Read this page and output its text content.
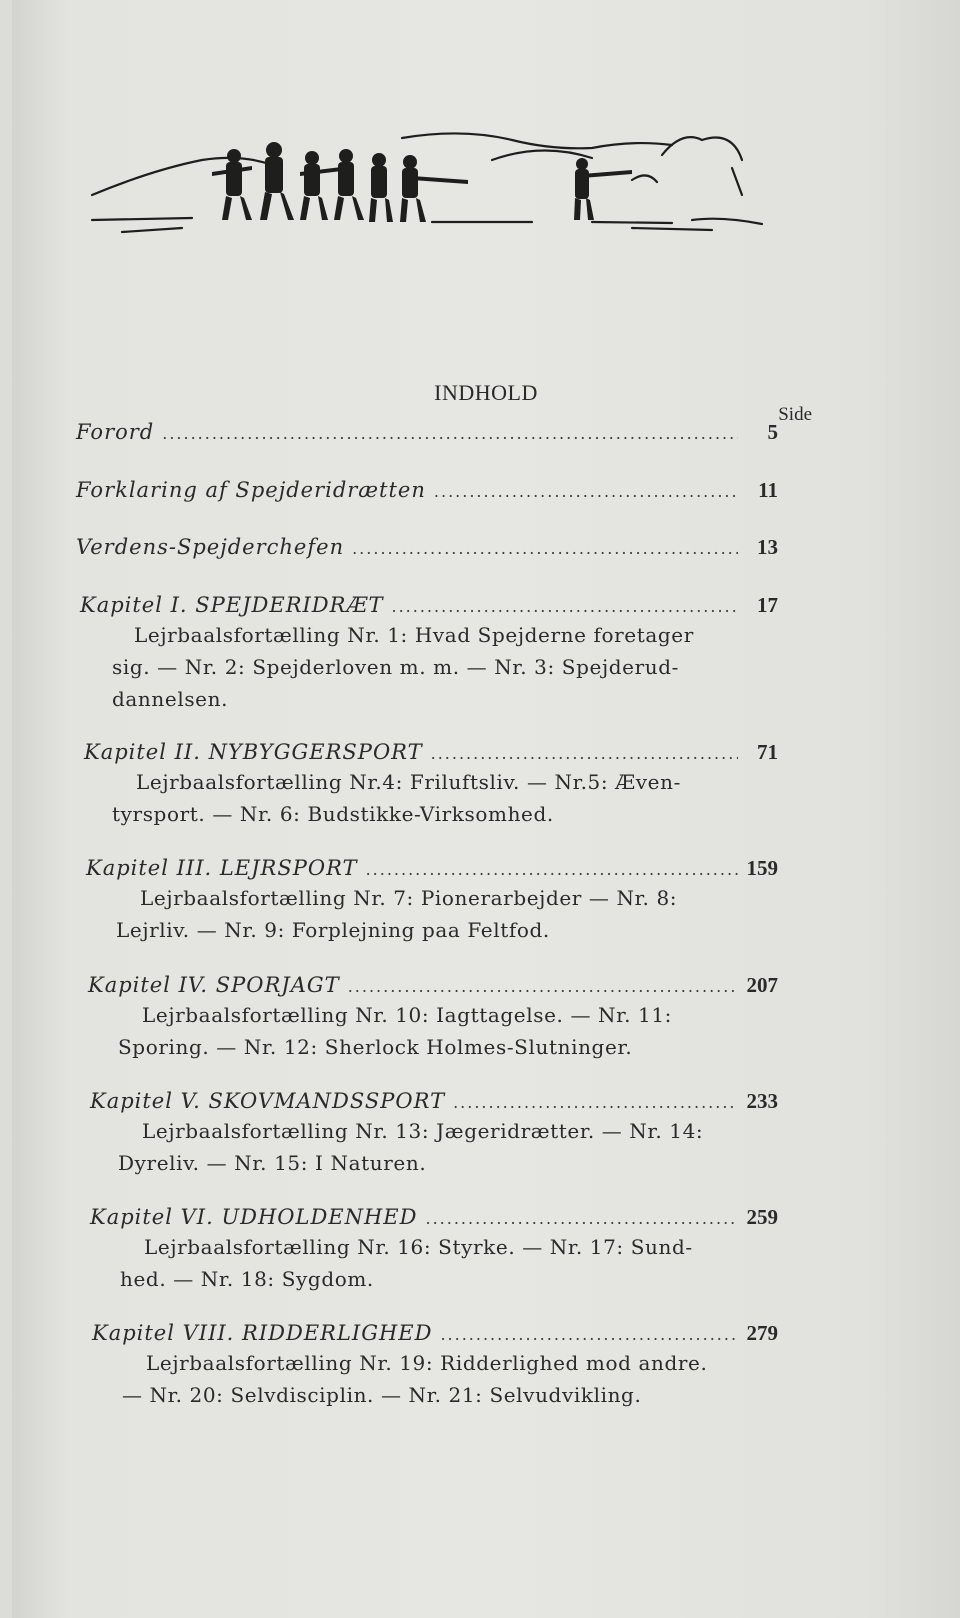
INDHOLD
Side
Forord .....	5
Forklaring af Spejderidrætten .....	11
Verdens-Spejderchefen .....	13
Kapitel I. SPEJDERIDRÆT .....	17
Lejrbaalsfortælling Nr. 1: Hvad Spejderne foretager
sig. — Nr. 2: Spejderloven m. m. — Nr. 3: Spejderud-
dannelsen.
Kapitel II. NYBYGGERSPORT .....	71
Lejrbaalsfortælling Nr.4: Friluftsliv. — Nr.5: Æven-
tyrsport. — Nr. 6: Budstikke-Virksomhed.
Kapitel III. LEJRSPORT .....	159
Lejrbaalsfortælling Nr. 7: Pionerarbejder — Nr. 8:
Lejrliv. — Nr. 9: Forplejning paa Feltfod.
Kapitel IV. SPORJAGT .....	207
Lejrbaalsfortælling Nr. 10: Iagttagelse. — Nr. 11:
Sporing. — Nr. 12: Sherlock Holmes-Slutninger.
Kapitel V. SKOVMANDSSPORT .....	233
Lejrbaalsfortælling Nr. 13: Jægeridrætter. — Nr. 14:
Dyreliv. — Nr. 15: I Naturen.
Kapitel VI. UDHOLDENHED .....	259
Lejrbaalsfortælling Nr. 16: Styrke. — Nr. 17: Sund-
hed. — Nr. 18: Sygdom.
Kapitel VIII. RIDDERLIGHED .....	279
Lejrbaalsfortælling Nr. 19: Ridderlighed mod andre.
— Nr. 20: Selvdisciplin. — Nr. 21: Selvudvikling.
